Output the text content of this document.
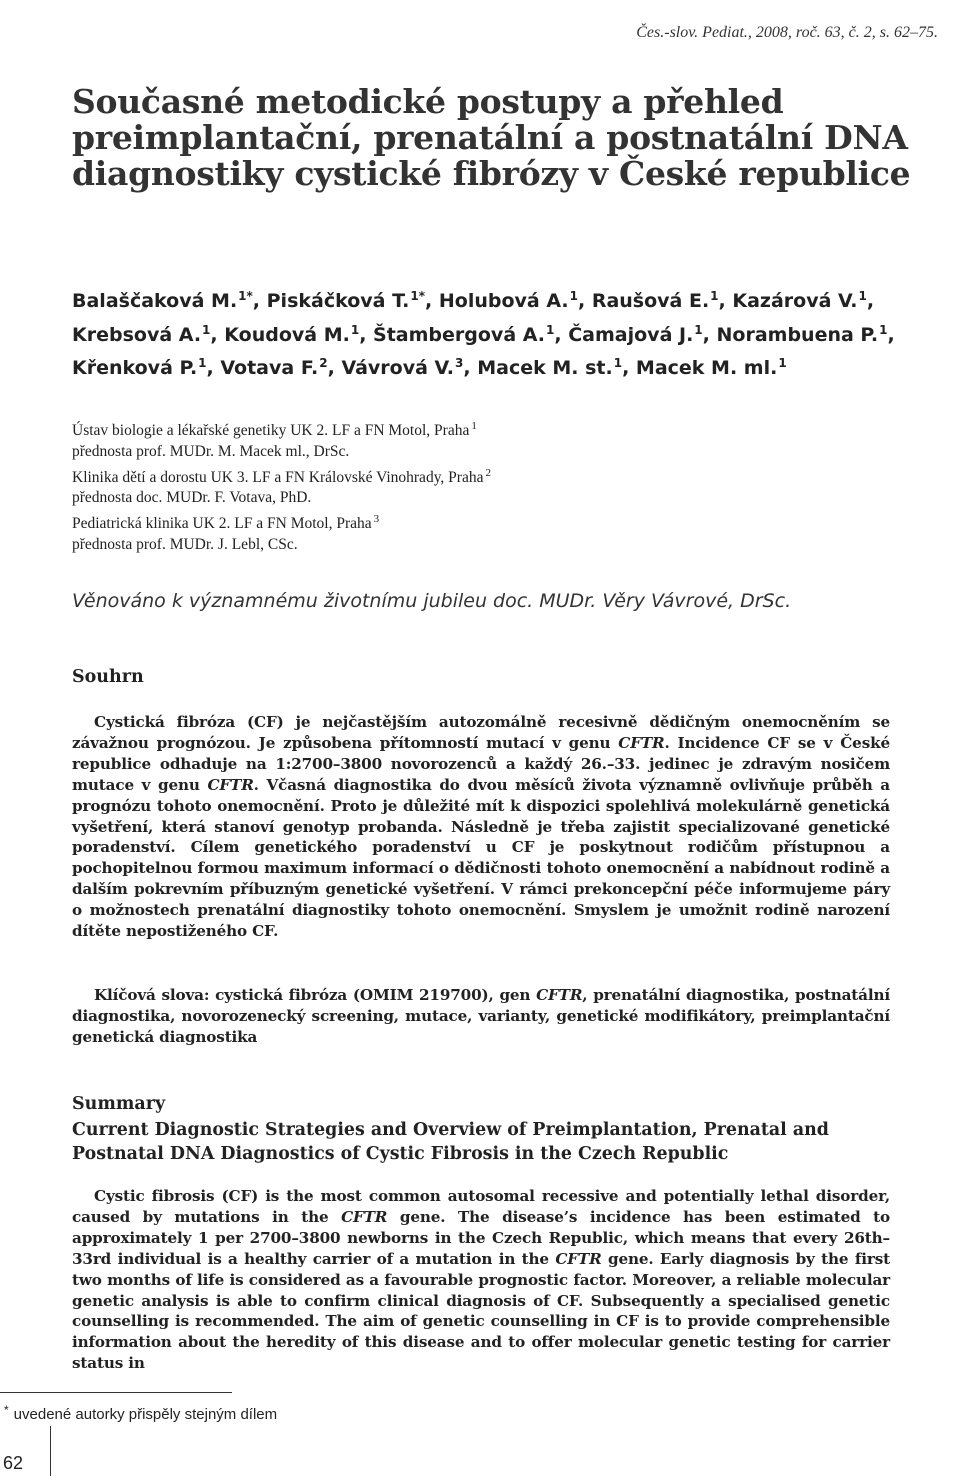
Čes.-slov. Pediat., 2008, roč. 63, č. 2, s. 62–75.
Současné metodické postupy a přehled preimplantační, prenatální a postnatální DNA diagnostiky cystické fibrózy v České republice
Balaščaková M.$^{1*}$, Piskáčková T.$^{1*}$, Holubová A.$^1$, Raušová E.$^1$, Kazárová V.$^1$, Krebsová A.$^1$, Koudová M.$^1$, Štambergová A.$^1$, Čamajová J.$^1$, Norambuena P.$^1$, Křenková P.$^1$, Votava F.$^2$, Vávrová V.$^3$, Macek M. st.$^1$, Macek M. ml.$^1$
Ústav biologie a lékařské genetiky UK 2. LF a FN Motol, Praha $^1$
přednosta prof. MUDr. M. Macek ml., DrSc.
Klinika dětí a dorostu UK 3. LF a FN Královské Vinohrady, Praha $^2$
přednosta doc. MUDr. F. Votava, PhD.
Pediatrická klinika UK 2. LF a FN Motol, Praha $^3$
přednosta prof. MUDr. J. Lebl, CSc.
Věnováno k významnému životnímu jubileu doc. MUDr. Věry Vávrové, DrSc.
Souhrn
Cystická fibróza (CF) je nejčastějším autozomálně recesivně dědičným onemocněním se závažnou prognózou. Je způsobena přítomností mutací v genu CFTR. Incidence CF se v České republice odhaduje na 1:2700–3800 novorozenců a každý 26.–33. jedinec je zdravým nosičem mutace v genu CFTR. Včasná diagnostika do dvou měsíců života významně ovlivňuje průběh a prognózu tohoto onemocnění. Proto je důležité mít k dispozici spolehlivá molekulárně genetická vyšetření, která stanoví genotyp probanda. Následně je třeba zajistit specializované genetické poradenství. Cílem genetického poradenství u CF je poskytnout rodičům přístupnou a pochopitelnou formou maximum informací o dědičnosti tohoto onemocnění a nabídnout rodině a dalším pokrevním příbuzným genetické vyšetření. V rámci prekoncepční péče informujeme páry o možnostech prenatální diagnostiky tohoto onemocnění. Smyslem je umožnit rodině narození dítěte nepostiženého CF.
Klíčová slova: cystická fibróza (OMIM 219700), gen CFTR, prenatální diagnostika, postnatální diagnostika, novorozenecký screening, mutace, varianty, genetické modifikátory, preimplantační genetická diagnostika
Summary
Current Diagnostic Strategies and Overview of Preimplantation, Prenatal and Postnatal DNA Diagnostics of Cystic Fibrosis in the Czech Republic
Cystic fibrosis (CF) is the most common autosomal recessive and potentially lethal disorder, caused by mutations in the CFTR gene. The disease’s incidence has been estimated to approximately 1 per 2700–3800 newborns in the Czech Republic, which means that every 26th–33rd individual is a healthy carrier of a mutation in the CFTR gene. Early diagnosis by the first two months of life is considered as a favourable prognostic factor. Moreover, a reliable molecular genetic analysis is able to confirm clinical diagnosis of CF. Subsequently a specialised genetic counselling is recommended. The aim of genetic counselling in CF is to provide comprehensible information about the heredity of this disease and to offer molecular genetic testing for carrier status in
* uvedené autorky přispěly stejným dílem
62
